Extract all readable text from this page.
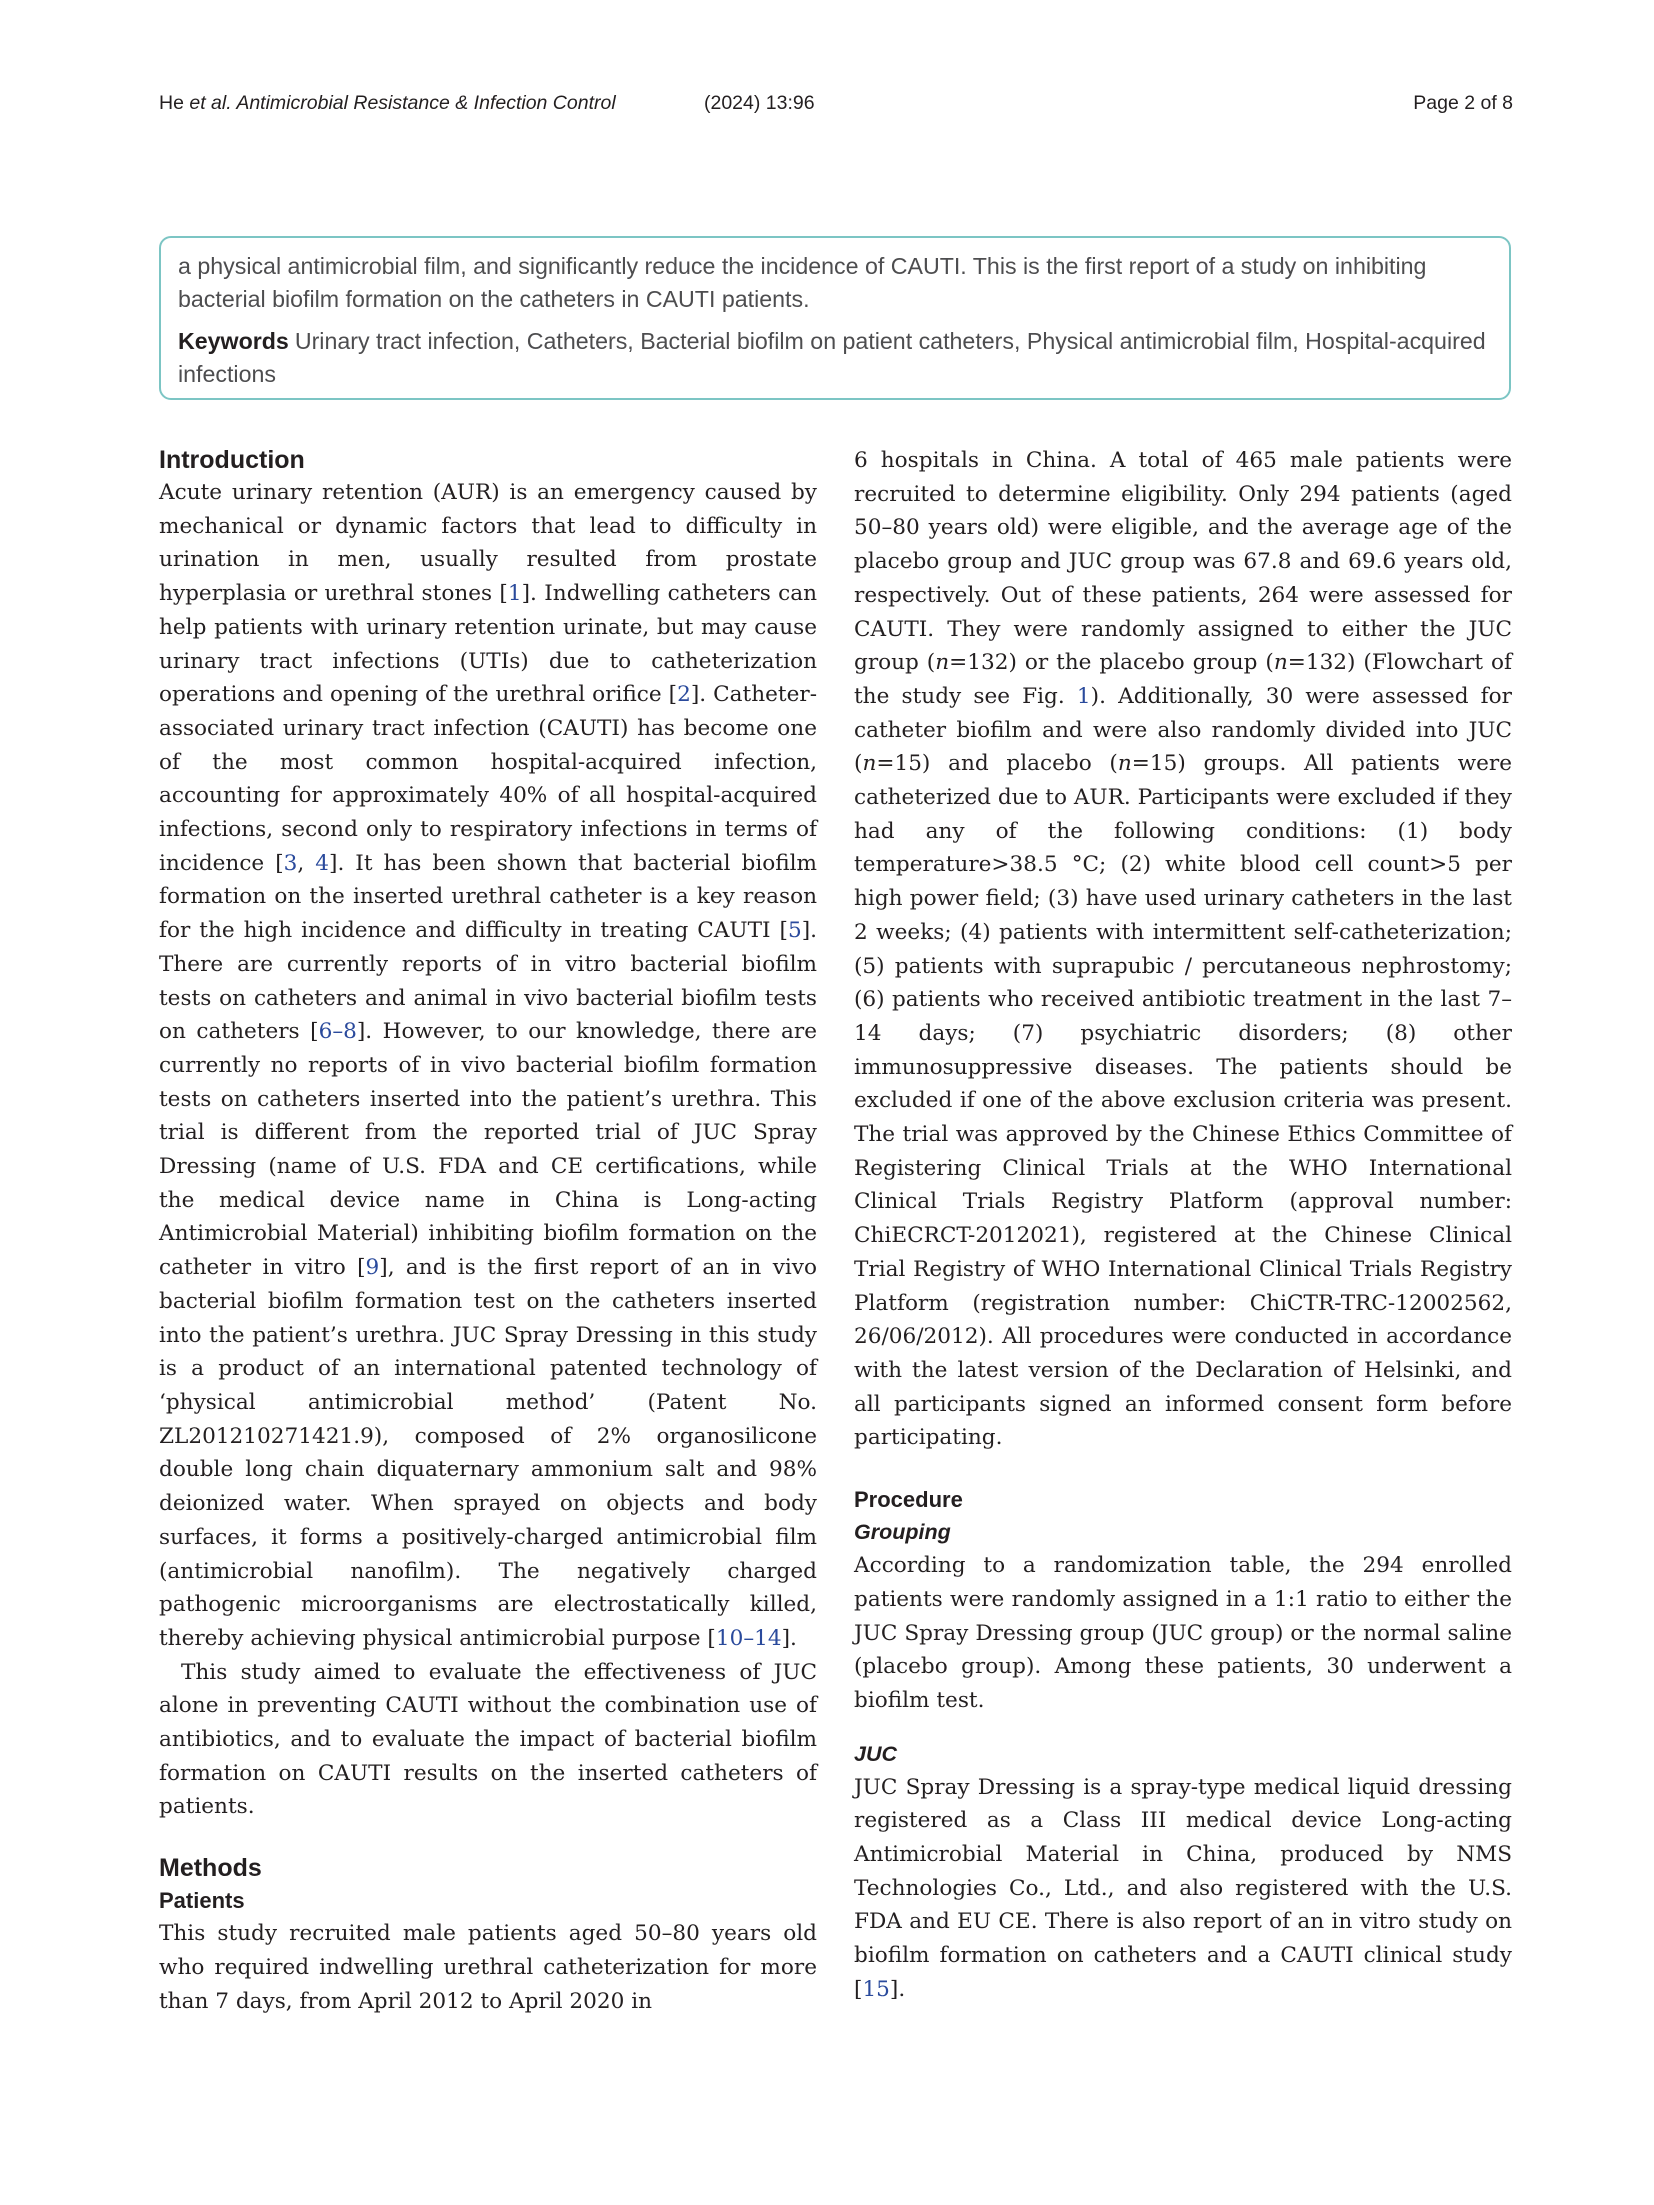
He et al. Antimicrobial Resistance & Infection Control	(2024) 13:96	Page 2 of 8

a physical antimicrobial film, and significantly reduce the incidence of CAUTI. This is the first report of a study on inhibiting bacterial biofilm formation on the catheters in CAUTI patients.

Keywords Urinary tract infection, Catheters, Bacterial biofilm on patient catheters, Physical antimicrobial film, Hospital-acquired infections

Introduction

Acute urinary retention (AUR) is an emergency caused by mechanical or dynamic factors that lead to difficulty in urination in men, usually resulted from prostate hyperplasia or urethral stones [1]. Indwelling catheters can help patients with urinary retention urinate, but may cause urinary tract infections (UTIs) due to catheterization operations and opening of the urethral orifice [2]. Catheter-associated urinary tract infection (CAUTI) has become one of the most common hospital-acquired infection, accounting for approximately 40% of all hospital-acquired infections, second only to respiratory infections in terms of incidence [3, 4]. It has been shown that bacterial biofilm formation on the inserted urethral catheter is a key reason for the high incidence and difficulty in treating CAUTI [5]. There are currently reports of in vitro bacterial biofilm tests on catheters and animal in vivo bacterial biofilm tests on catheters [6–8]. However, to our knowledge, there are currently no reports of in vivo bacterial biofilm formation tests on catheters inserted into the patient’s urethra. This trial is different from the reported trial of JUC Spray Dressing (name of U.S. FDA and CE certifications, while the medical device name in China is Long-acting Antimicrobial Material) inhibiting biofilm formation on the catheter in vitro [9], and is the first report of an in vivo bacterial biofilm formation test on the catheters inserted into the patient’s urethra. JUC Spray Dressing in this study is a product of an international patented technology of ‘physical antimicrobial method’ (Patent No. ZL201210271421.9), composed of 2% organosilicone double long chain diquaternary ammonium salt and 98% deionized water. When sprayed on objects and body surfaces, it forms a positively-charged antimicrobial film (antimicrobial nanofilm). The negatively charged pathogenic microorganisms are electrostatically killed, thereby achieving physical antimicrobial purpose [10–14].

This study aimed to evaluate the effectiveness of JUC alone in preventing CAUTI without the combination use of antibiotics, and to evaluate the impact of bacterial biofilm formation on CAUTI results on the inserted catheters of patients.

Methods
Patients

This study recruited male patients aged 50–80 years old who required indwelling urethral catheterization for more than 7 days, from April 2012 to April 2020 in

6 hospitals in China. A total of 465 male patients were recruited to determine eligibility. Only 294 patients (aged 50–80 years old) were eligible, and the average age of the placebo group and JUC group was 67.8 and 69.6 years old, respectively. Out of these patients, 264 were assessed for CAUTI. They were randomly assigned to either the JUC group (n=132) or the placebo group (n=132) (Flowchart of the study see Fig. 1). Additionally, 30 were assessed for catheter biofilm and were also randomly divided into JUC (n=15) and placebo (n=15) groups. All patients were catheterized due to AUR. Participants were excluded if they had any of the following conditions: (1) body temperature>38.5 °C; (2) white blood cell count>5 per high power field; (3) have used urinary catheters in the last 2 weeks; (4) patients with intermittent self-catheterization; (5) patients with suprapubic / percutaneous nephrostomy; (6) patients who received antibiotic treatment in the last 7–14 days; (7) psychiatric disorders; (8) other immunosuppressive diseases. The patients should be excluded if one of the above exclusion criteria was present. The trial was approved by the Chinese Ethics Committee of Registering Clinical Trials at the WHO International Clinical Trials Registry Platform (approval number: ChiECRCT-2012021), registered at the Chinese Clinical Trial Registry of WHO International Clinical Trials Registry Platform (registration number: ChiCTR-TRC-12002562, 26/06/2012). All procedures were conducted in accordance with the latest version of the Declaration of Helsinki, and all participants signed an informed consent form before participating.

Procedure
Grouping

According to a randomization table, the 294 enrolled patients were randomly assigned in a 1:1 ratio to either the JUC Spray Dressing group (JUC group) or the normal saline (placebo group). Among these patients, 30 underwent a biofilm test.

JUC

JUC Spray Dressing is a spray-type medical liquid dressing registered as a Class III medical device Long-acting Antimicrobial Material in China, produced by NMS Technologies Co., Ltd., and also registered with the U.S. FDA and EU CE. There is also report of an in vitro study on biofilm formation on catheters and a CAUTI clinical study [15].
